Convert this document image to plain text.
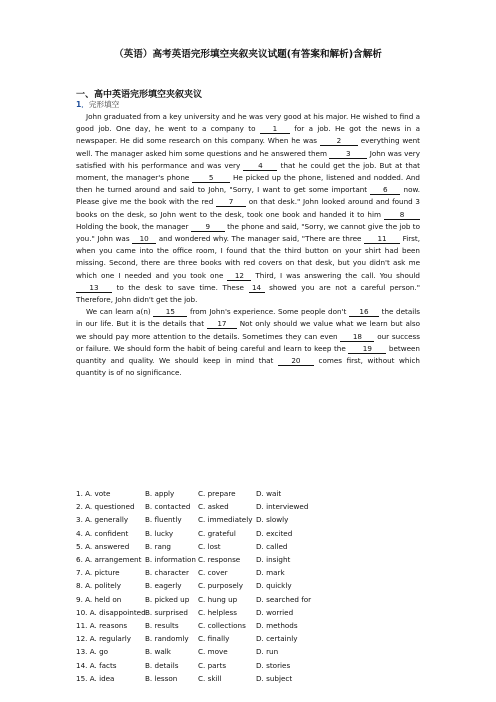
（英语）高考英语完形填空夹叙夹议试题(有答案和解析)含解析
一、高中英语完形填空夹叙夹议
1．完形填空

John graduated from a key university and he was very good at his major. He wished to find a good job. One day, he went to a company to 1 for a job. He got the news in a newspaper. He did some research on this company. When he was 2 everything went well. The manager asked him some questions and he answered them 3 John was very satisfied with his performance and was very 4 that he could get the job. But at that moment, the manager's phone 5 He picked up the phone, listened and nodded. And then he turned around and said to John, "Sorry, I want to get some important 6 now. Please give me the book with the red 7 on that desk." John looked around and found 3 books on the desk, so John went to the desk, took one book and handed it to him 8 Holding the book, the manager 9 the phone and said, "Sorry, we cannot give the job to you." John was 10 and wondered why. The manager said, "There are three 11 First, when you came into the office room, I found that the third button on your shirt had been missing. Second, there are three books with red covers on that desk, but you didn't ask me which one I needed and you took one 12 Third, I was answering the call. You should 13 to the desk to save time. These 14 showed you are not a careful person." Therefore, John didn't get the job.

We can learn a(n) 15 from John's experience. Some people don't 16 the details in our life. But it is the details that 17 Not only should we value what we learn but also we should pay more attention to the details. Sometimes they can even 18 our success or failure. We should form the habit of being careful and learn to keep the 19 between quantity and quality. We should keep in mind that 20 comes first, without which quantity is of no significance.

1. A. vote	B. apply	C. prepare	D. wait
2. A. questioned	B. contacted	C. asked	D. interviewed
3. A. generally	B. fluently	C. immediately D. slowly
4. A. confident	B. lucky	C. grateful	D. excited
5. A. answered	B. rang	C. lost	D. called
6. A. arrangement B. information C. response	D. insight
7. A. picture	B. character	C. cover	D. mark
8. A. politely	B. eagerly	C. purposely	D. quickly
9. A. held on	B. picked up	C. hung up	D. searched for
10. A. disappointed B. surprised	C. helpless	D. worried
11. A. reasons	B. results	C. collections	D. methods
12. A. regularly	B. randomly	C. finally	D. certainly
13. A. go	B. walk	C. move	D. run
14. A. facts	B. details	C. parts	D. stories
15. A. idea	B. lesson	C. skill	D. subject
